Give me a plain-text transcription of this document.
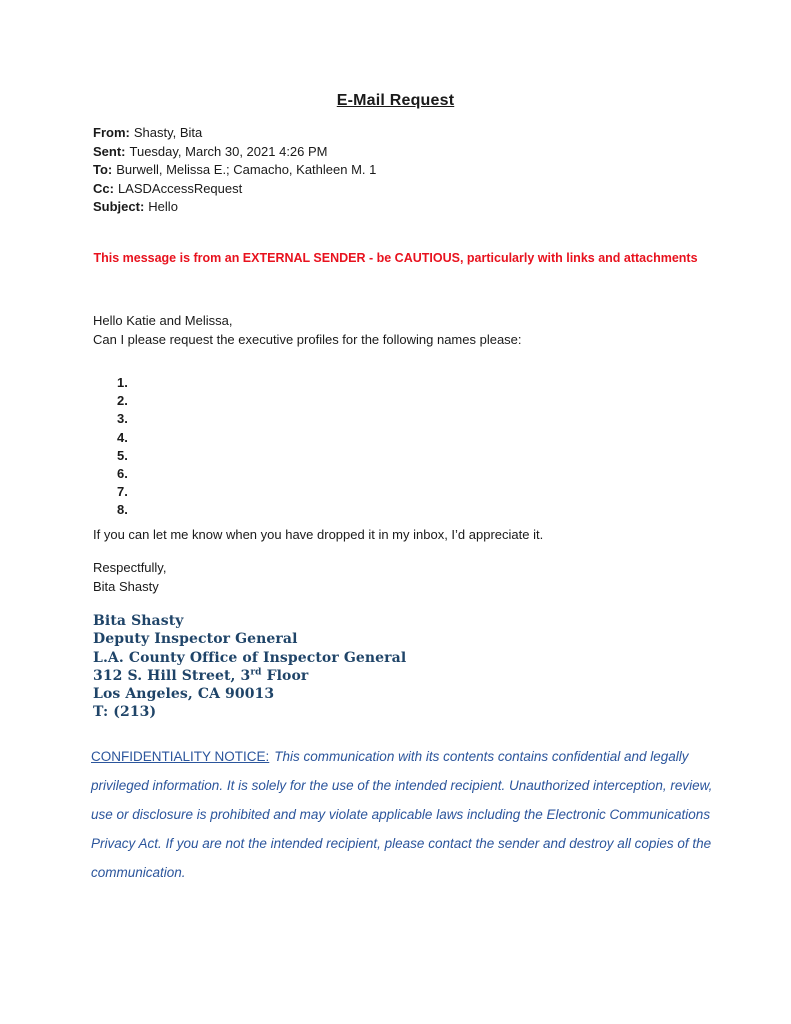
E-Mail Request
From: Shasty, Bita
Sent: Tuesday, March 30, 2021 4:26 PM
To: Burwell, Melissa E.; Camacho, Kathleen M. 1
Cc: LASDAccessRequest
Subject: Hello
This message is from an EXTERNAL SENDER - be CAUTIOUS, particularly with links and attachments
Hello Katie and Melissa,
Can I please request the executive profiles for the following names please:
1.
2.
3.
4.
5.
6.
7.
8.
If you can let me know when you have dropped it in my inbox, I’d appreciate it.
Respectfully,
Bita Shasty
Bita Shasty
Deputy Inspector General
L.A. County Office of Inspector General
312 S. Hill Street, 3rd Floor
Los Angeles, CA 90013
T: (213)
CONFIDENTIALITY NOTICE: This communication with its contents contains confidential and legally
privileged information. It is solely for the use of the intended recipient. Unauthorized interception, review,
use or disclosure is prohibited and may violate applicable laws including the Electronic Communications
Privacy Act. If you are not the intended recipient, please contact the sender and destroy all copies of the
communication.
